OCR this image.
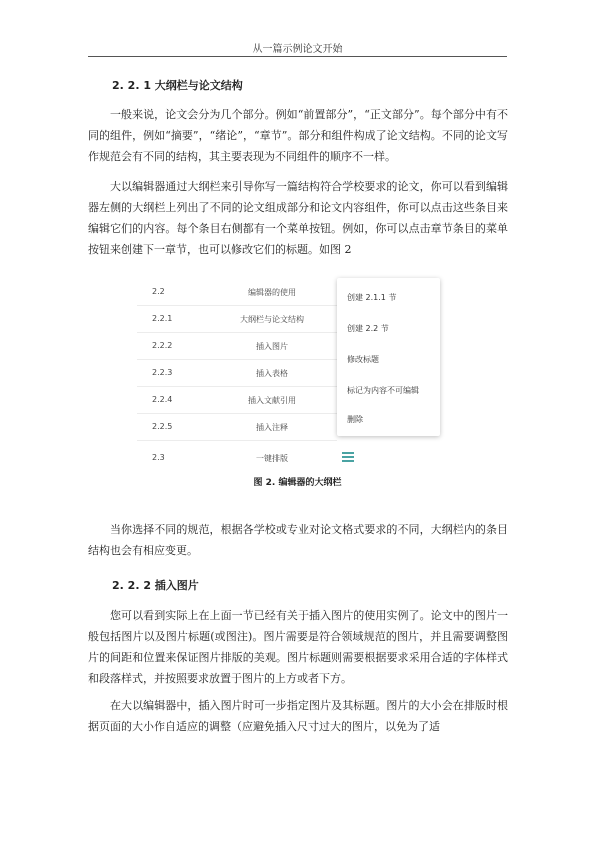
从一篇示例论文开始
2. 2. 1 大纲栏与论文结构
一般来说，论文会分为几个部分。例如“前置部分”，“正文部分”。每个部分中有不同的组件，例如“摘要”，“绪论”，“章节”。部分和组件构成了论文结构。不同的论文写作规范会有不同的结构，其主要表现为不同组件的顺序不一样。
大以编辑器通过大纲栏来引导你写一篇结构符合学校要求的论文，你可以看到编辑器左侧的大纲栏上列出了不同的论文组成部分和论文内容组件，你可以点击这些条目来编辑它们的内容。每个条目右侧都有一个菜单按钮。例如，你可以点击章节条目的菜单按钮来创建下一章节，也可以修改它们的标题。如图 2
2.2	编辑器的使用
2.2.1	大纲栏与论文结构
2.2.2	插入图片
2.2.3	插入表格
2.2.4	插入文献引用
2.2.5	插入注释
2.3	一键排版
创建 2.1.1 节
创建 2.2 节
修改标题
标记为内容不可编辑
删除
图 2. 编辑器的大纲栏
当你选择不同的规范，根据各学校或专业对论文格式要求的不同，大纲栏内的条目结构也会有相应变更。
2. 2. 2 插入图片
您可以看到实际上在上面一节已经有关于插入图片的使用实例了。论文中的图片一般包括图片以及图片标题(或图注)。图片需要是符合领域规范的图片，并且需要调整图片的间距和位置来保证图片排版的美观。图片标题则需要根据要求采用合适的字体样式和段落样式，并按照要求放置于图片的上方或者下方。
在大以编辑器中，插入图片时可一步指定图片及其标题。图片的大小会在排版时根据页面的大小作自适应的调整（应避免插入尺寸过大的图片，以免为了适
